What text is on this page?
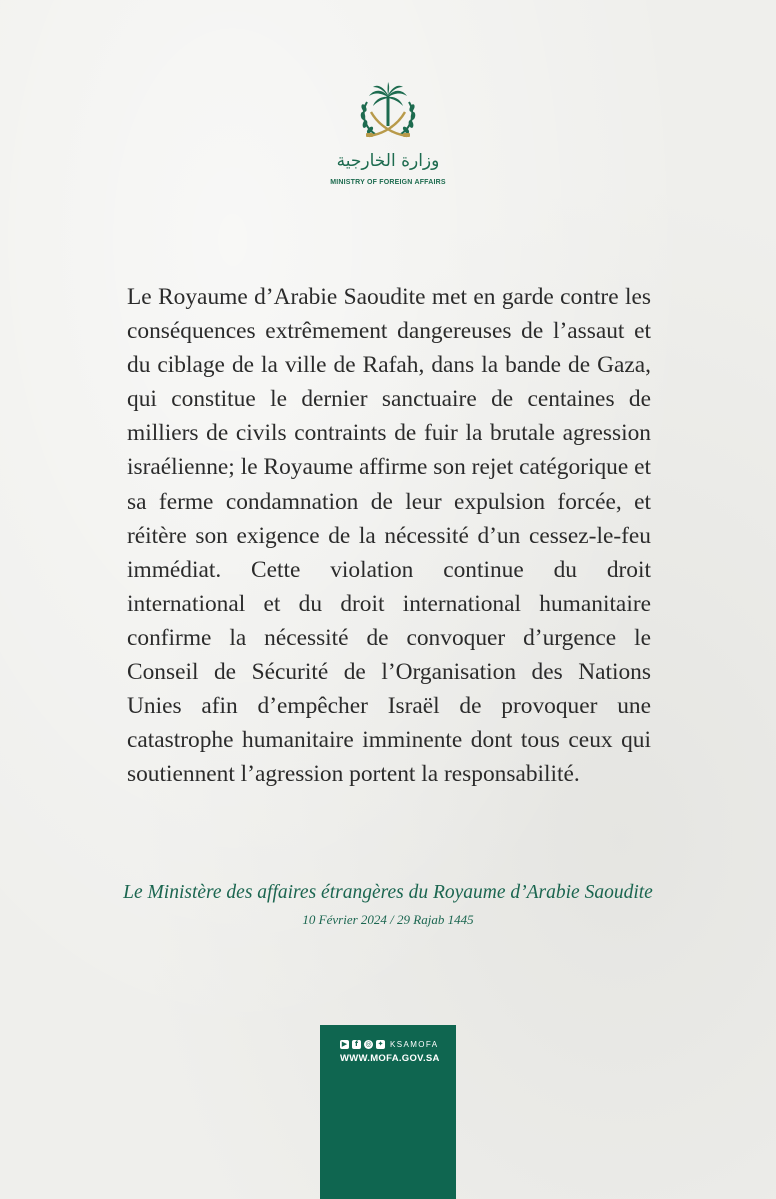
وزارة الخارجية
MINISTRY OF FOREIGN AFFAIRS

Le Royaume d’Arabie Saoudite met en garde contre les conséquences extrêmement dangereuses de l’assaut et du ciblage de la ville de Rafah, dans la bande de Gaza, qui constitue le dernier sanctuaire de centaines de milliers de civils contraints de fuir la brutale agression israélienne; le Royaume affirme son rejet catégorique et sa ferme condamnation de leur expulsion forcée, et réitère son exigence de la nécessité d’un cessez-le-feu immédiat. Cette violation continue du droit international et du droit international humanitaire confirme la nécessité de convoquer d’urgence le Conseil de Sécurité de l’Organisation des Nations Unies afin d’empêcher Israël de provoquer une catastrophe humanitaire imminente dont tous ceux qui soutiennent l’agression portent la responsabilité.

Le Ministère des affaires étrangères du Royaume d’Arabie Saoudite

10 Février 2024 / 29 Rajab 1445

▶	f	◎ ✦ KSAMOFA
WWW.MOFA.GOV.SA
